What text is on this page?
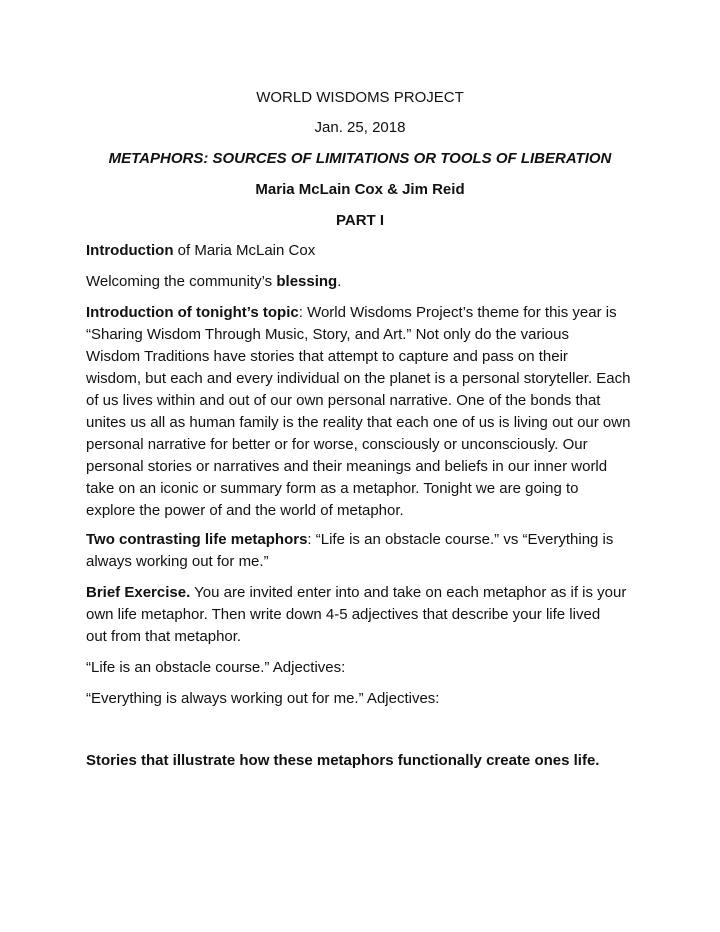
WORLD WISDOMS PROJECT
Jan. 25, 2018
METAPHORS: SOURCES OF LIMITATIONS OR TOOLS OF LIBERATION
Maria McLain Cox & Jim Reid
PART I
Introduction of Maria McLain Cox
Welcoming the community’s blessing.
Introduction of tonight’s topic: World Wisdoms Project’s theme for this year is
“Sharing Wisdom Through Music, Story, and Art.” Not only do the various
Wisdom Traditions have stories that attempt to capture and pass on their
wisdom, but each and every individual on the planet is a personal storyteller. Each
of us lives within and out of our own personal narrative. One of the bonds that
unites us all as human family is the reality that each one of us is living out our own
personal narrative for better or for worse, consciously or unconsciously. Our
personal stories or narratives and their meanings and beliefs in our inner world
take on an iconic or summary form as a metaphor. Tonight we are going to
explore the power of and the world of metaphor.
Two contrasting life metaphors: “Life is an obstacle course.” vs “Everything is
always working out for me.”
Brief Exercise. You are invited enter into and take on each metaphor as if is your
own life metaphor. Then write down 4-5 adjectives that describe your life lived
out from that metaphor.
“Life is an obstacle course.” Adjectives:
“Everything is always working out for me.” Adjectives:
Stories that illustrate how these metaphors functionally create ones life.
